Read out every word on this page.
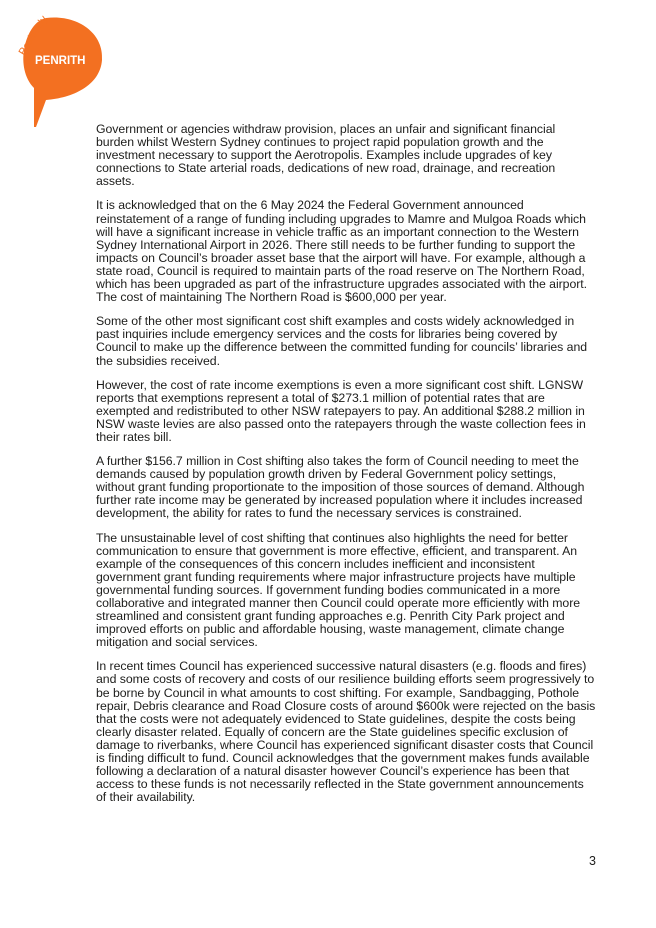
Positively
PENRITH

Government or agencies withdraw provision, places an unfair and significant financial burden whilst Western Sydney continues to project rapid population growth and the investment necessary to support the Aerotropolis. Examples include upgrades of key connections to State arterial roads, dedications of new road, drainage, and recreation assets.

It is acknowledged that on the 6 May 2024 the Federal Government announced reinstatement of a range of funding including upgrades to Mamre and Mulgoa Roads which will have a significant increase in vehicle traffic as an important connection to the Western Sydney International Airport in 2026. There still needs to be further funding to support the impacts on Council’s broader asset base that the airport will have. For example, although a state road, Council is required to maintain parts of the road reserve on The Northern Road, which has been upgraded as part of the infrastructure upgrades associated with the airport. The cost of maintaining The Northern Road is $600,000 per year.

Some of the other most significant cost shift examples and costs widely acknowledged in past inquiries include emergency services and the costs for libraries being covered by Council to make up the difference between the committed funding for councils’ libraries and the subsidies received.

However, the cost of rate income exemptions is even a more significant cost shift. LGNSW reports that exemptions represent a total of $273.1 million of potential rates that are exempted and redistributed to other NSW ratepayers to pay. An additional $288.2 million in NSW waste levies are also passed onto the ratepayers through the waste collection fees in their rates bill.

A further $156.7 million in Cost shifting also takes the form of Council needing to meet the demands caused by population growth driven by Federal Government policy settings, without grant funding proportionate to the imposition of those sources of demand. Although further rate income may be generated by increased population where it includes increased development, the ability for rates to fund the necessary services is constrained.

The unsustainable level of cost shifting that continues also highlights the need for better communication to ensure that government is more effective, efficient, and transparent. An example of the consequences of this concern includes inefficient and inconsistent government grant funding requirements where major infrastructure projects have multiple governmental funding sources. If government funding bodies communicated in a more collaborative and integrated manner then Council could operate more efficiently with more streamlined and consistent grant funding approaches e.g. Penrith City Park project and improved efforts on public and affordable housing, waste management, climate change mitigation and social services.

In recent times Council has experienced successive natural disasters (e.g. floods and fires) and some costs of recovery and costs of our resilience building efforts seem progressively to be borne by Council in what amounts to cost shifting. For example, Sandbagging, Pothole repair, Debris clearance and Road Closure costs of around $600k were rejected on the basis that the costs were not adequately evidenced to State guidelines, despite the costs being clearly disaster related. Equally of concern are the State guidelines specific exclusion of damage to riverbanks, where Council has experienced significant disaster costs that Council is finding difficult to fund. Council acknowledges that the government makes funds available following a declaration of a natural disaster however Council’s experience has been that access to these funds is not necessarily reflected in the State government announcements of their availability.

3
